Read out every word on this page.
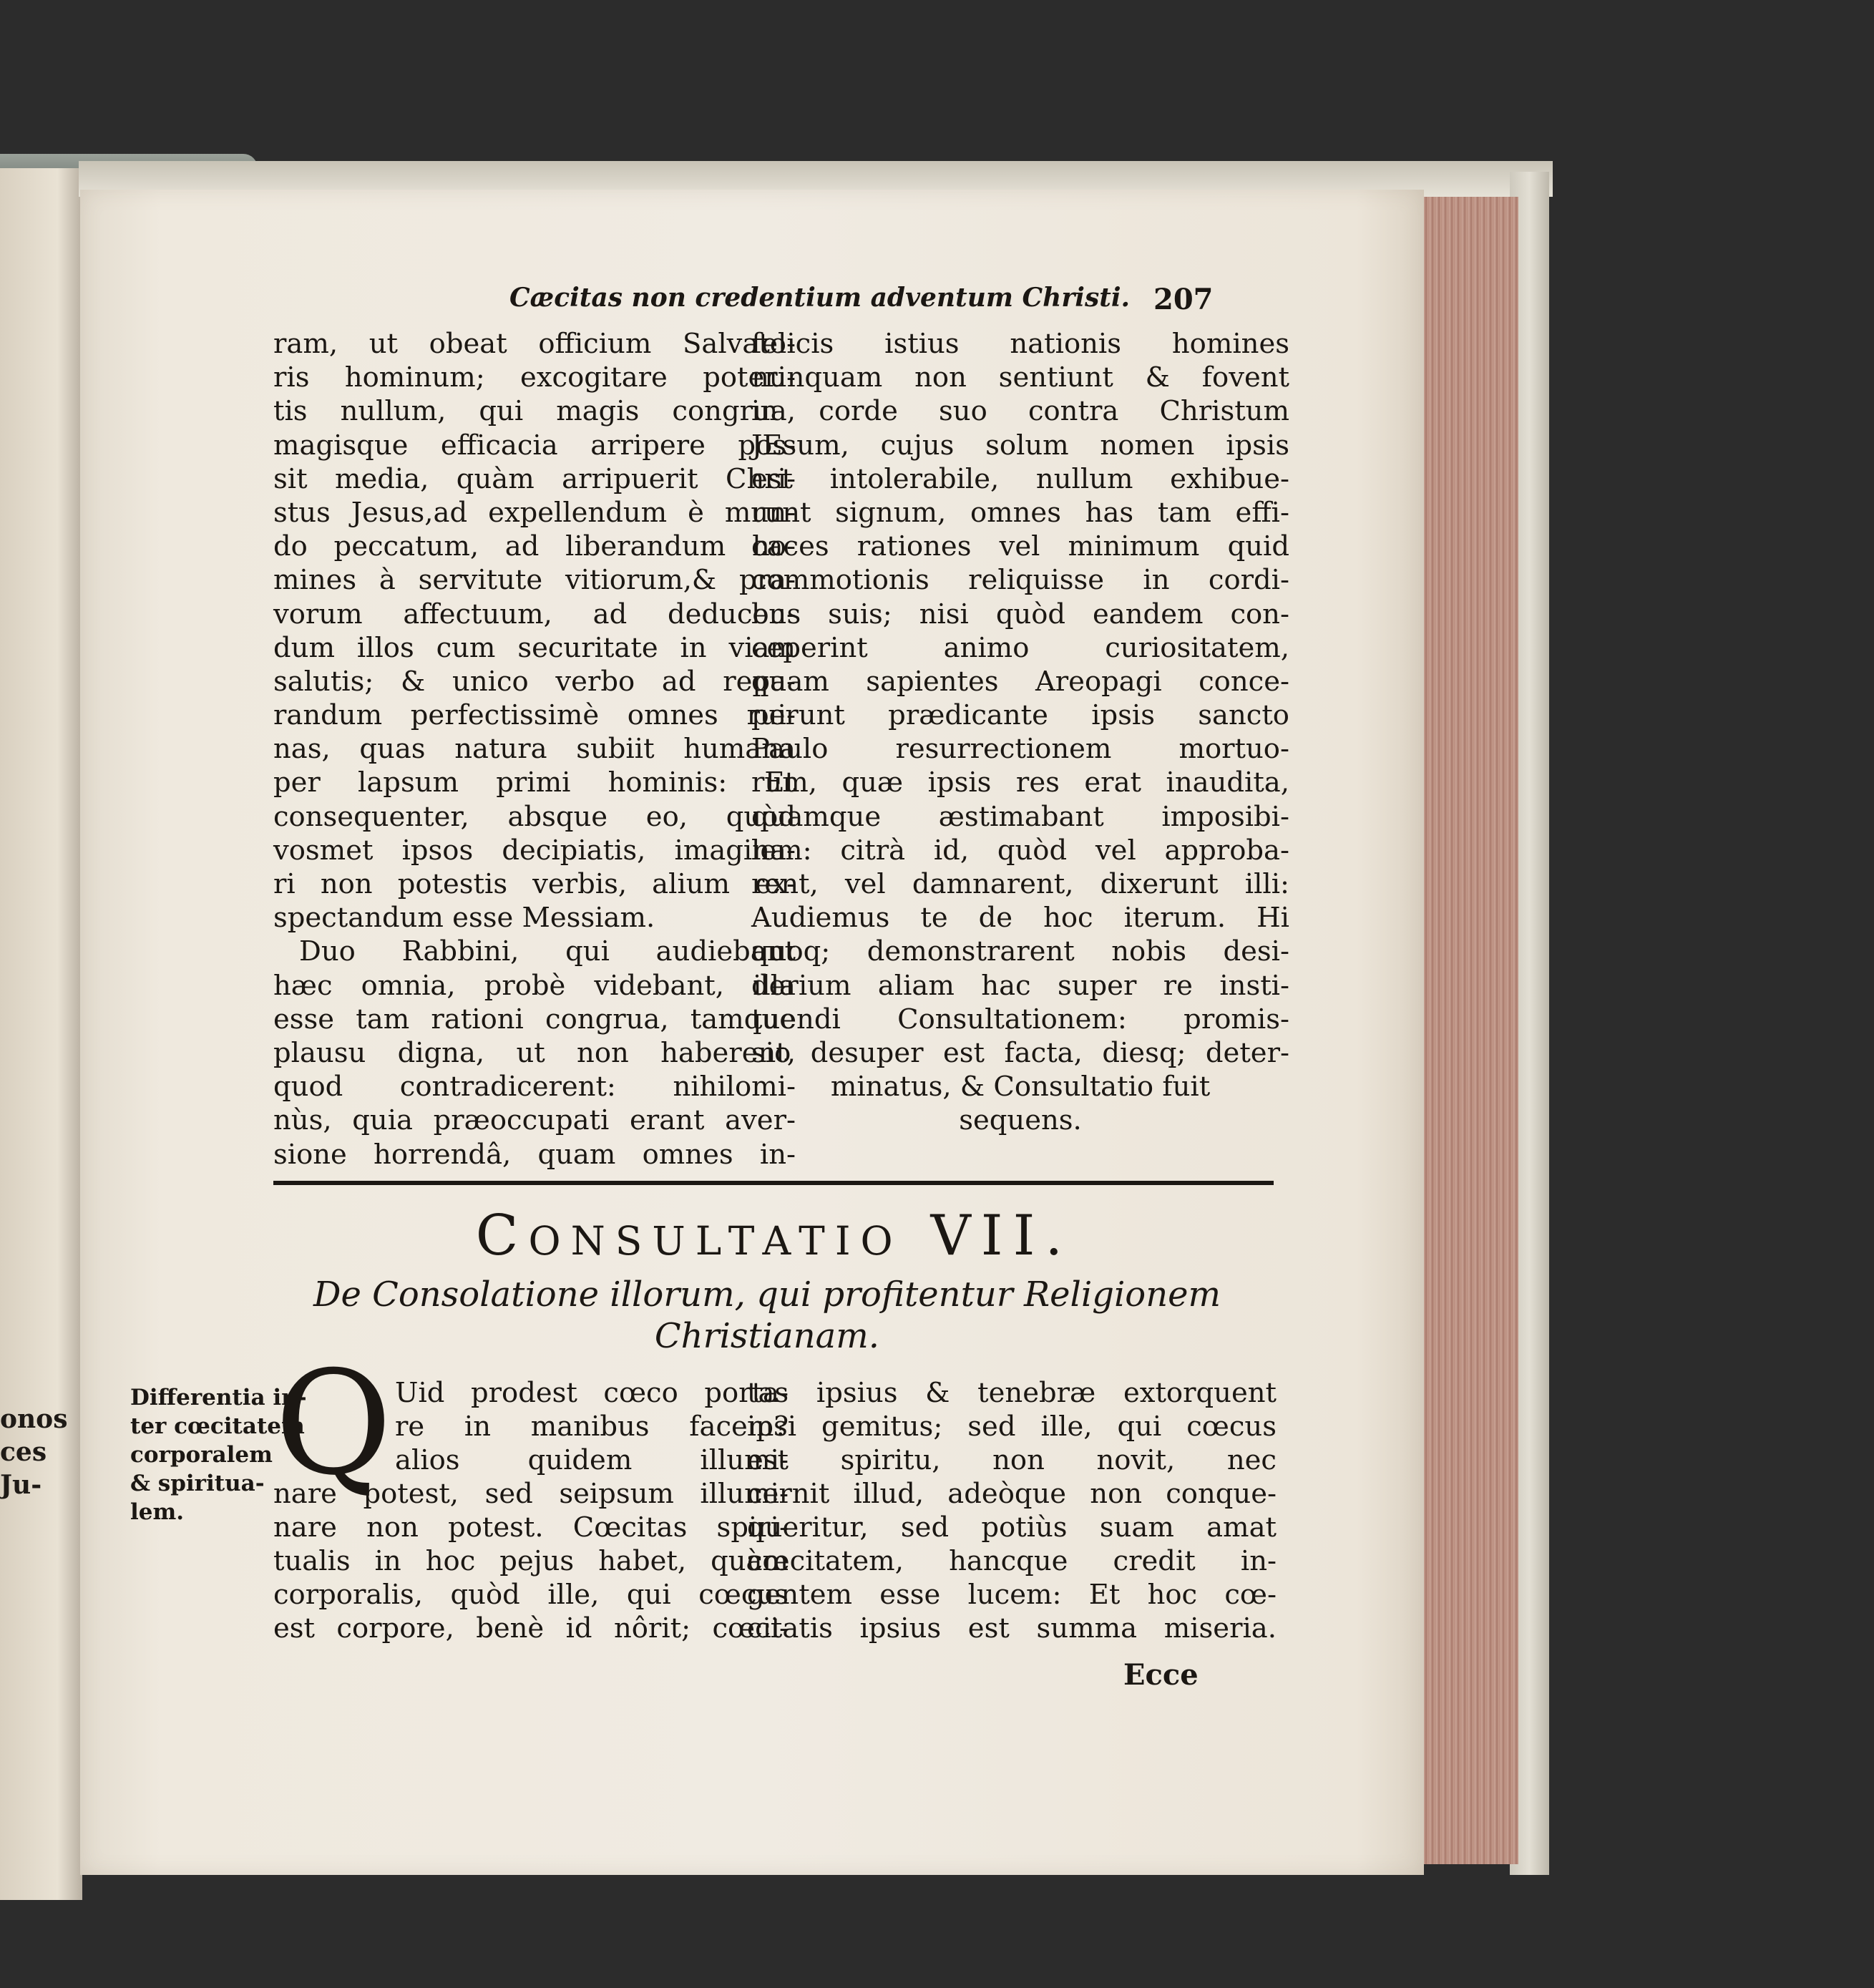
onos
ces
Ju-
Cæcitas non credentium adventum Christi. 207
ram, ut obeat officium Salvato-
ris hominum; excogitare poteri-
tis nullum, qui magis congrua,
magisque efficacia arripere pos-
sit media, quàm arripuerit Chri-
stus Jesus,ad expellendum è mun-
do peccatum, ad liberandum ho-
mines à servitute vitiorum,& pra-
vorum affectuum, ad deducen-
dum illos cum securitate in viam
salutis; & unico verbo ad repa-
randum perfectissimè omnes rui-
nas, quas natura subiit humana
per lapsum primi hominis: Et
consequenter, absque eo, quòd
vosmet ipsos decipiatis, imagina-
ri non potestis verbis, alium ex-
spectandum esse Messiam.
Duo Rabbini, qui audiebant
hæc omnia, probè videbant, illa
esse tam rationi congrua, tamque
plausu digna, ut non haberent,
quod contradicerent: nihilomi-
nùs, quia præoccupati erant aver-
sione horrendâ, quam omnes in-
felicis istius nationis homines
nunquam non sentiunt & fovent
in corde suo contra Christum
JEsum, cujus solum nomen ipsis
est intolerabile, nullum exhibue-
runt signum, omnes has tam effi-
caces rationes vel minimum quid
commotionis reliquisse in cordi-
bus suis; nisi quòd eandem con-
ceperint animo curiositatem,
quam sapientes Areopagi conce-
perunt prædicante ipsis sancto
Paulo resurrectionem mortuo-
rum, quæ ipsis res erat inaudita,
quamque æstimabant imposibi-
lem: citrà id, quòd vel approba-
rent, vel damnarent, dixerunt illi:
Audiemus te de hoc iterum. Hi
quoq; demonstrarent nobis desi-
derium aliam hac super re insti-
tuendi Consultationem: promis-
sio desuper est facta, diesq; deter-
minatus, & Consultatio fuit
sequens.
Consultatio VII.
De Consolatione illorum, qui profitentur Religionem
Christianam.
Differentia in-
ter cœcitatem
corporalem
& spiritua-
lem.
Q Uid prodest cœco porta-
re in manibus facem?
alios quidem illumi-
nare potest, sed seipsum illumi-
nare non potest. Cœcitas spiri-
tualis in hoc pejus habet, quàm
corporalis, quòd ille, qui cœcus
est corpore, benè id nôrit; cœci-
tas ipsius & tenebræ extorquent
ipsi gemitus; sed ille, qui cœcus
est spiritu, non novit, nec
cernit illud, adeòque non conque-
queritur, sed potiùs suam amat
cœcitatem, hancque credit in-
gentem esse lucem: Et hoc cœ-
citatis ipsius est summa miseria.
Ecce
